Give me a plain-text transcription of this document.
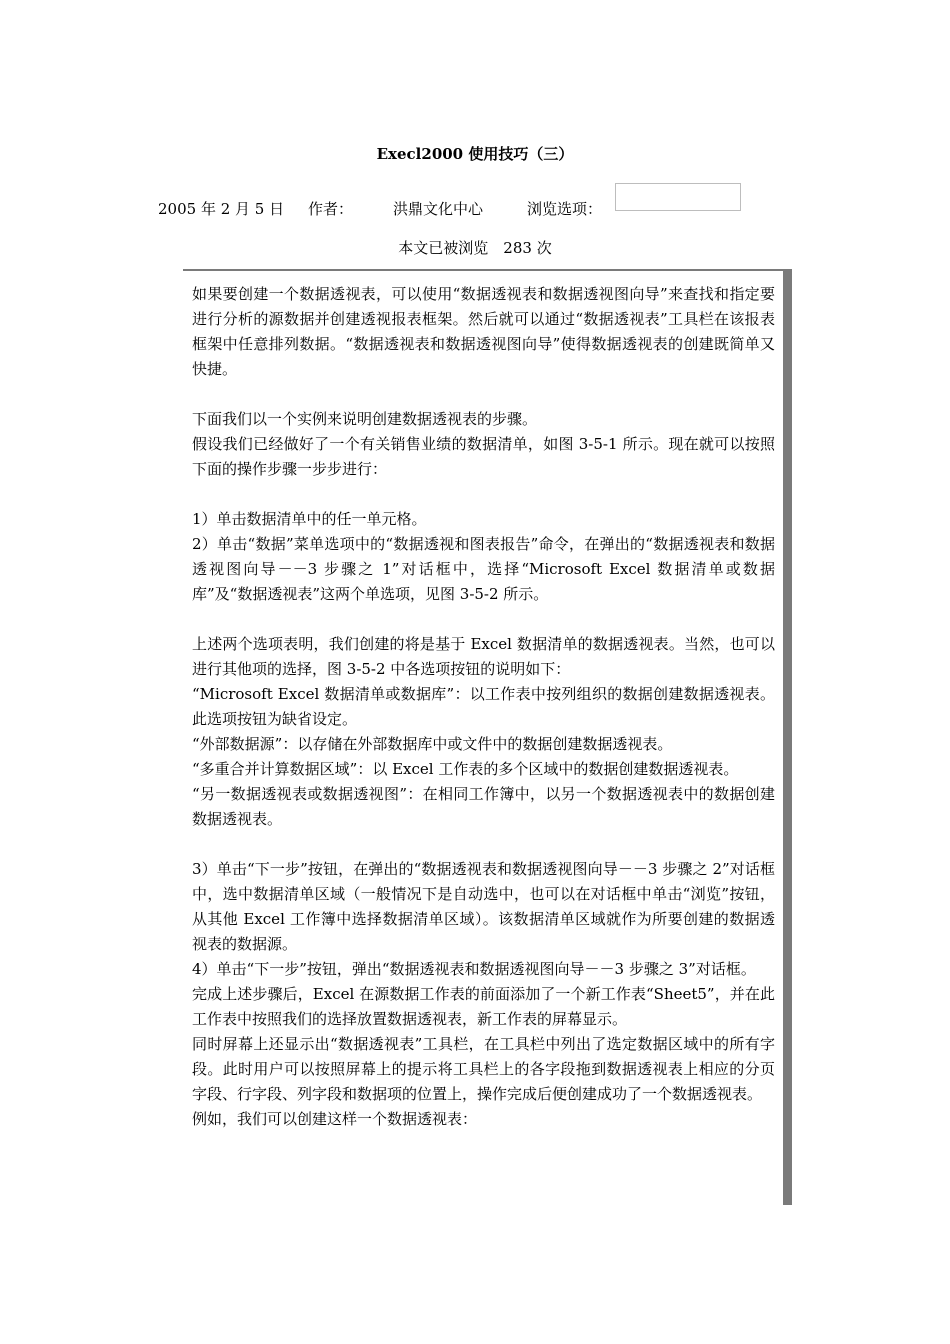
Execl2000 使用技巧（三）
2005 年 2 月 5 日 作者：	洪鼎文化中心	浏览选项：
本文已被浏览　283 次

如果要创建一个数据透视表，可以使用“数据透视表和数据透视图向导”来查找和指定要进行分析的源数据并创建透视报表框架。然后就可以通过“数据透视表”工具栏在该报表框架中任意排列数据。“数据透视表和数据透视图向导”使得数据透视表的创建既简单又快捷。

下面我们以一个实例来说明创建数据透视表的步骤。

假设我们已经做好了一个有关销售业绩的数据清单，如图 3-5-1 所示。现在就可以按照下面的操作步骤一步步进行：

1）单击数据清单中的任一单元格。

2）单击“数据”菜单选项中的“数据透视和图表报告”命令，在弹出的“数据透视表和数据透视图向导－－3 步骤之 1”对话框中，选择“Microsoft Excel 数据清单或数据库”及“数据透视表”这两个单选项，见图 3-5-2 所示。

上述两个选项表明，我们创建的将是基于 Excel 数据清单的数据透视表。当然，也可以进行其他项的选择，图 3-5-2 中各选项按钮的说明如下：

“Microsoft Excel 数据清单或数据库”：以工作表中按列组织的数据创建数据透视表。此选项按钮为缺省设定。

“外部数据源”：以存储在外部数据库中或文件中的数据创建数据透视表。

“多重合并计算数据区域”：以 Excel 工作表的多个区域中的数据创建数据透视表。

“另一数据透视表或数据透视图”：在相同工作簿中，以另一个数据透视表中的数据创建数据透视表。

3）单击“下一步”按钮，在弹出的“数据透视表和数据透视图向导－－3 步骤之 2”对话框中，选中数据清单区域（一般情况下是自动选中，也可以在对话框中单击“浏览”按钮，从其他 Excel 工作簿中选择数据清单区域）。该数据清单区域就作为所要创建的数据透视表的数据源。

4）单击“下一步”按钮，弹出“数据透视表和数据透视图向导－－3 步骤之 3”对话框。

完成上述步骤后，Excel 在源数据工作表的前面添加了一个新工作表“Sheet5”，并在此工作表中按照我们的选择放置数据透视表，新工作表的屏幕显示。

同时屏幕上还显示出“数据透视表”工具栏，在工具栏中列出了选定数据区域中的所有字段。此时用户可以按照屏幕上的提示将工具栏上的各字段拖到数据透视表上相应的分页字段、行字段、列字段和数据项的位置上，操作完成后便创建成功了一个数据透视表。

例如，我们可以创建这样一个数据透视表：
